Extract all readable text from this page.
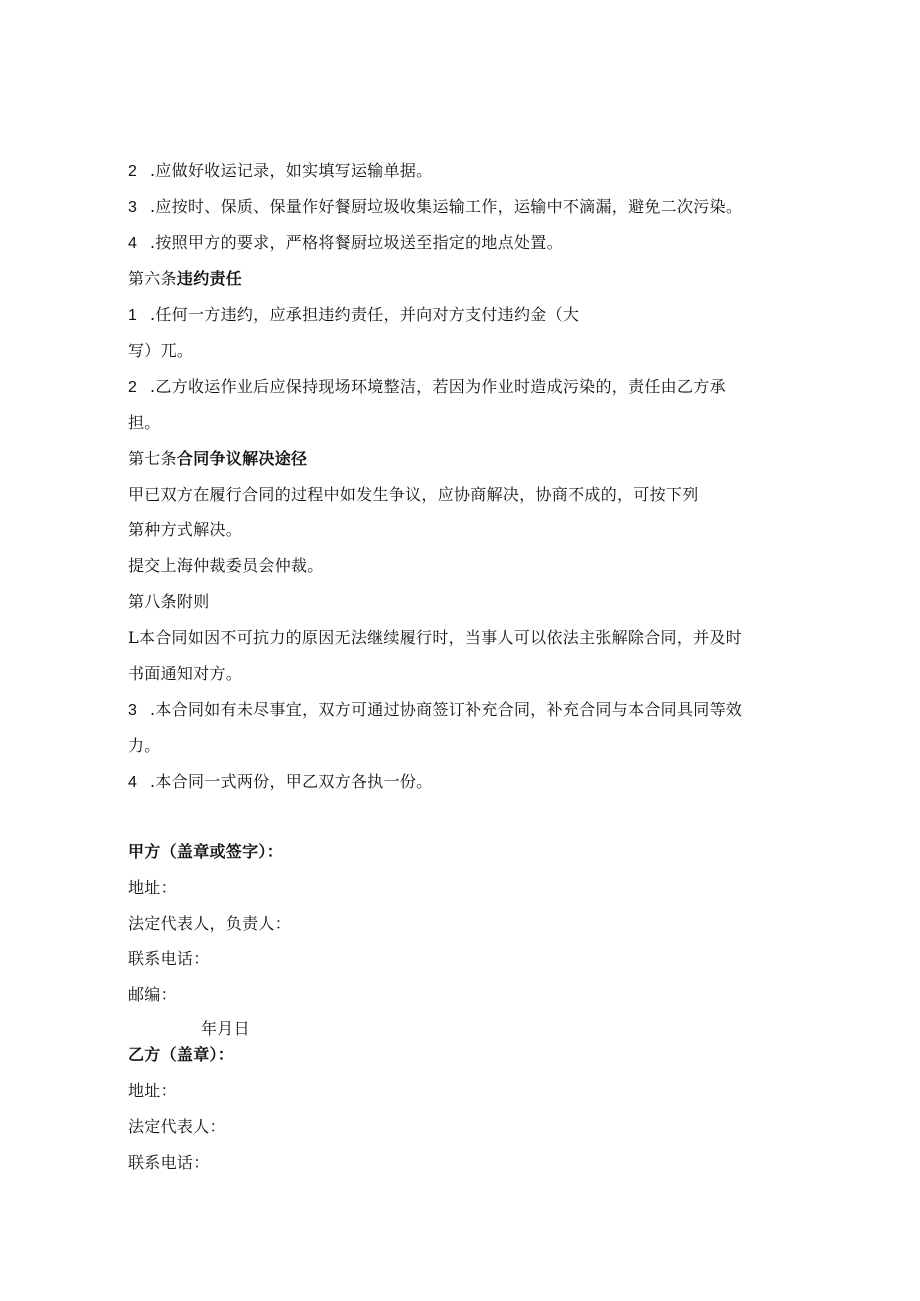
2 .应做好收运记录，如实填写运输单据。
3 .应按时、保质、保量作好餐厨垃圾收集运输工作，运输中不滴漏，避免二次污染。
4 .按照甲方的要求，严格将餐厨垃圾送至指定的地点处置。
第六条违约责任
1 .任何一方违约，应承担违约责任，并向对方支付违约金（大
写）兀。
2 .乙方收运作业后应保持现场环境整洁，若因为作业时造成污染的，责任由乙方承
担。
第七条合同争议解决途径
甲已双方在履行合同的过程中如发生争议，应协商解决，协商不成的，可按下列
第种方式解决。
提交上海仲裁委员会仲裁。
第八条附则
L本合同如因不可抗力的原因无法继续履行时，当事人可以依法主张解除合同，并及时
书面通知对方。
3 .本合同如有未尽事宜，双方可通过协商签订补充合同，补充合同与本合同具同等效
力。
4 .本合同一式两份，甲乙双方各执一份。
甲方（盖章或签字）：
地址：
法定代表人，负责人：
联系电话：
邮编：
年月日
乙方（盖章）：
地址：
法定代表人：
联系电话：
